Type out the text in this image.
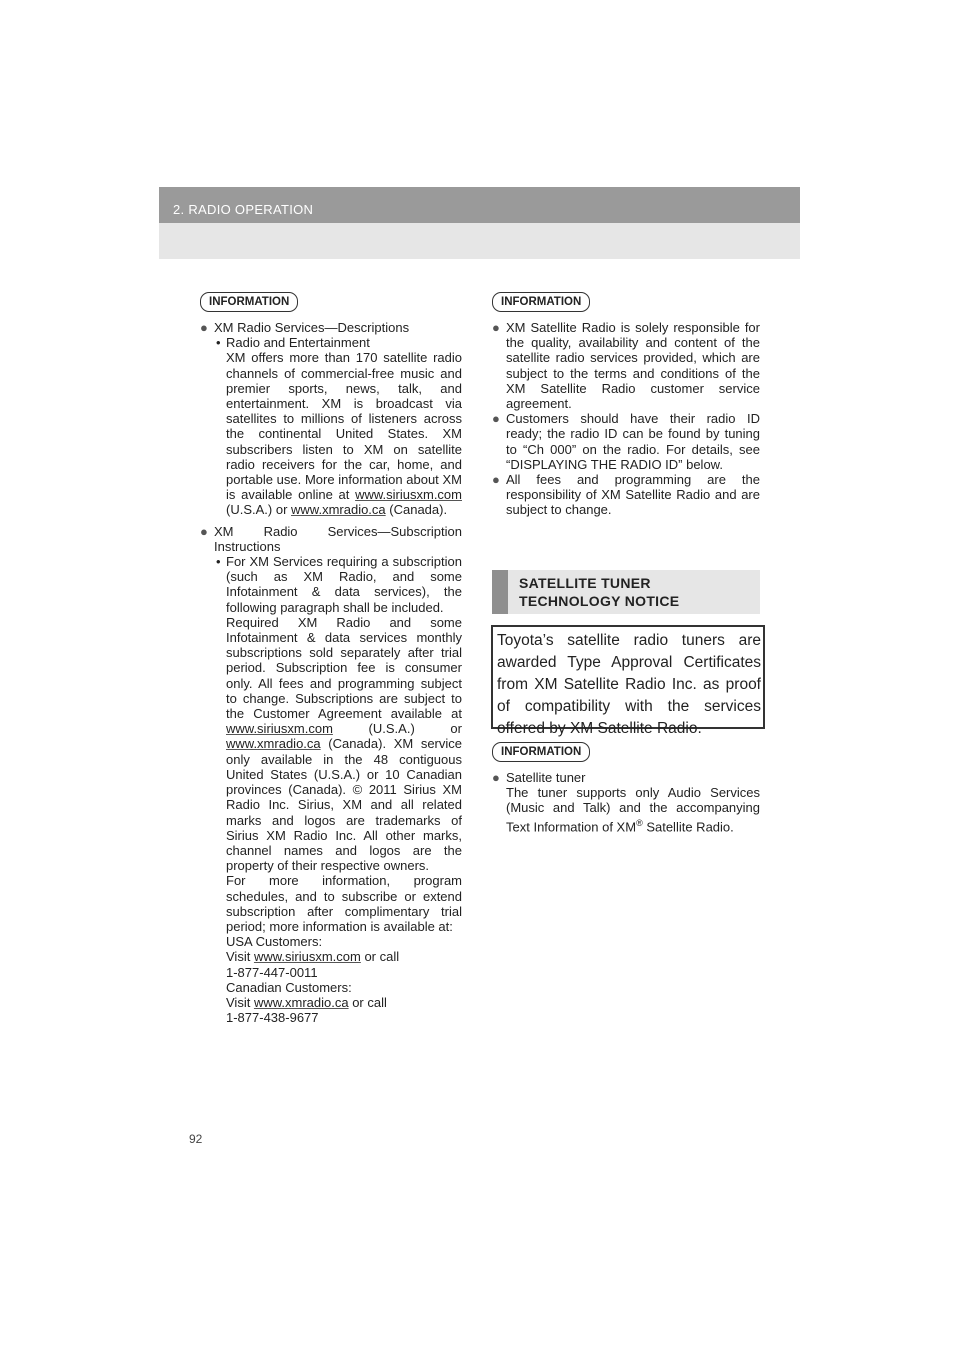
2. RADIO OPERATION
INFORMATION
● XM Radio Services—Descriptions
• Radio and Entertainment
XM offers more than 170 satellite radio channels of commercial-free music and premier sports, news, talk, and entertainment. XM is broadcast via satellites to millions of listeners across the continental United States. XM subscribers listen to XM on satellite radio receivers for the car, home, and portable use. More information about XM is available online at www.siriusxm.com (U.S.A.) or www.xmradio.ca (Canada).
● XM Radio Services—Subscription Instructions
• For XM Services requiring a subscription (such as XM Radio, and some Infotainment & data services), the following paragraph shall be included.
Required XM Radio and some Infotainment & data services monthly subscriptions sold separately after trial period. Subscription fee is consumer only. All fees and programming subject to change. Subscriptions are subject to the Customer Agreement available at www.siriusxm.com (U.S.A.) or www.xmradio.ca (Canada). XM service only available in the 48 contiguous United States (U.S.A.) or 10 Canadian provinces (Canada). © 2011 Sirius XM Radio Inc. Sirius, XM and all related marks and logos are trademarks of Sirius XM Radio Inc. All other marks, channel names and logos are the property of their respective owners.
For more information, program schedules, and to subscribe or extend subscription after complimentary trial period; more information is available at:
USA Customers:
Visit www.siriusxm.com or call
1-877-447-0011
Canadian Customers:
Visit www.xmradio.ca or call
1-877-438-9677
INFORMATION
● XM Satellite Radio is solely responsible for the quality, availability and content of the satellite radio services provided, which are subject to the terms and conditions of the XM Satellite Radio customer service agreement.
● Customers should have their radio ID ready; the radio ID can be found by tuning to “Ch 000” on the radio. For details, see “DISPLAYING THE RADIO ID” below.
● All fees and programming are the responsibility of XM Satellite Radio and are subject to change.
SATELLITE TUNER
TECHNOLOGY NOTICE
Toyota’s satellite radio tuners are awarded Type Approval Certificates from XM Satellite Radio Inc. as proof of compatibility with the services offered by XM Satellite Radio.
INFORMATION
● Satellite tuner
The tuner supports only Audio Services (Music and Talk) and the accompanying Text Information of XM® Satellite Radio.
92
